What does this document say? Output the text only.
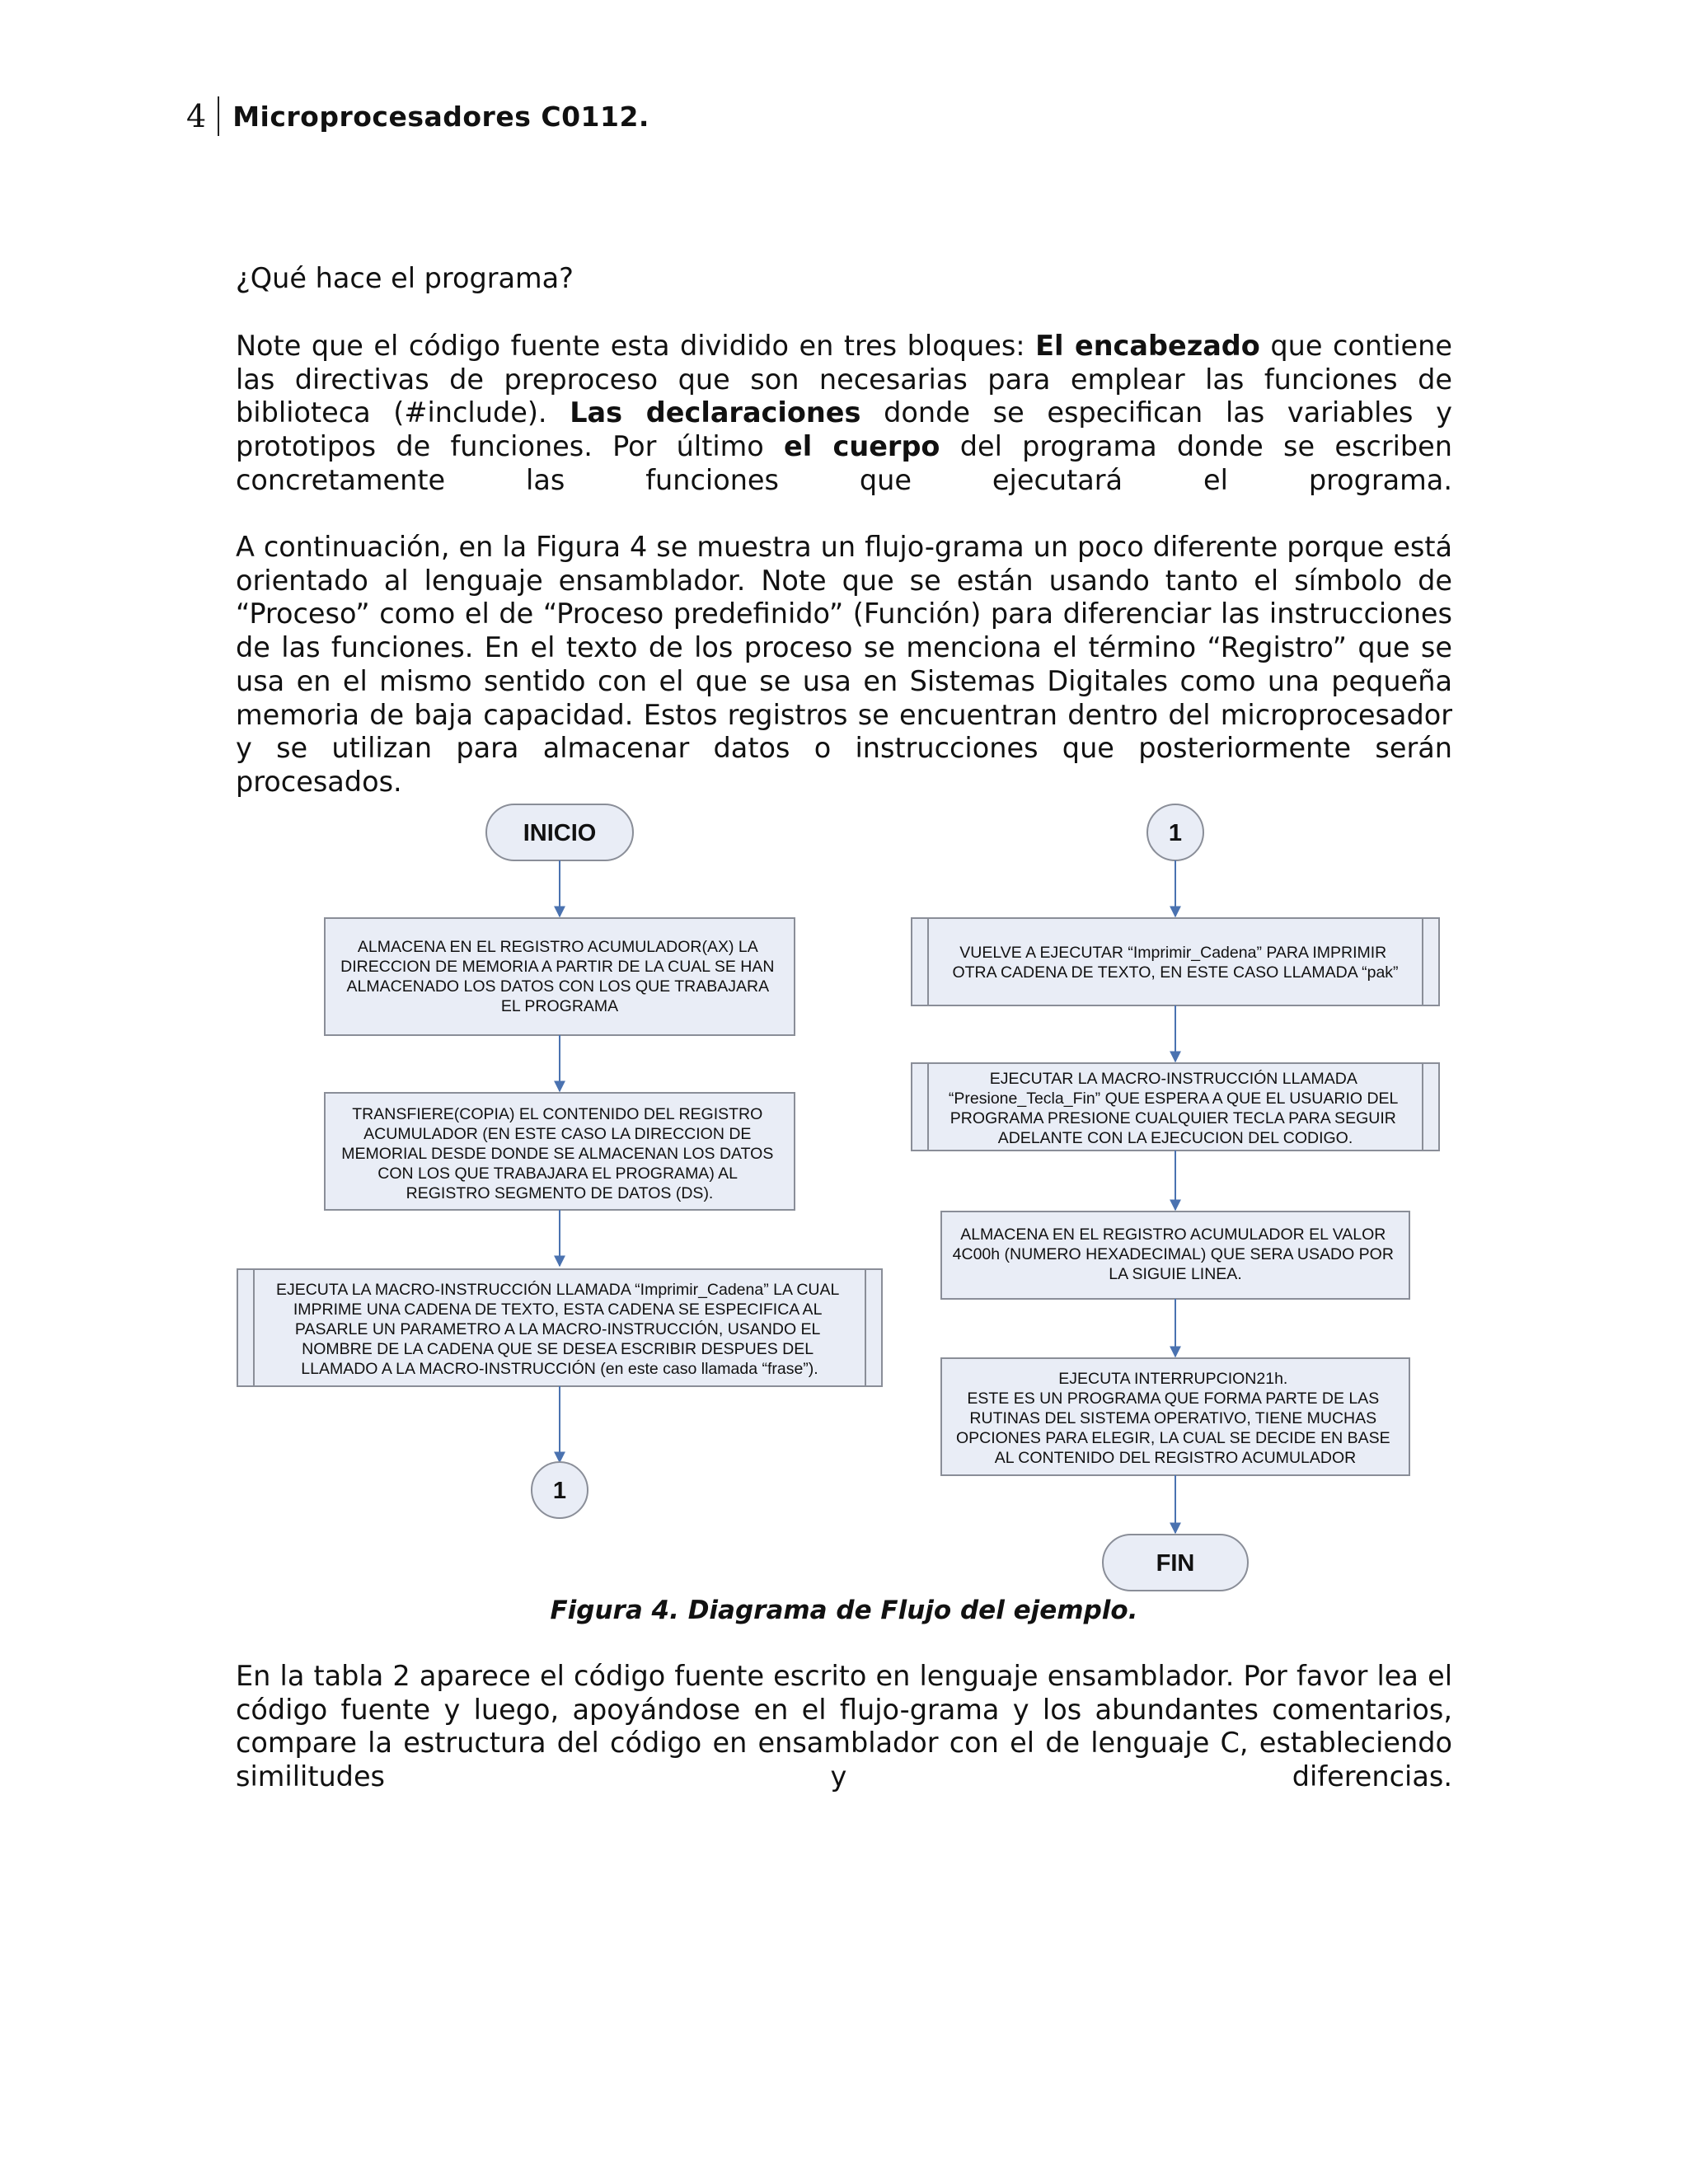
4 Microprocesadores C0112.

¿Qué hace el programa?

Note que el código fuente esta dividido en tres bloques: El encabezado que contiene las directivas de preproceso que son necesarias para emplear las funciones de biblioteca (#include). Las declaraciones donde se especifican las variables y prototipos de funciones. Por último el cuerpo del programa donde se escriben concretamente las funciones que ejecutará el programa.

A continuación, en la Figura 4 se muestra un flujo-grama un poco diferente porque está orientado al lenguaje ensamblador. Note que se están usando tanto el símbolo de “Proceso” como el de “Proceso predefinido” (Función) para diferenciar las instrucciones de las funciones. En el texto de los proceso se menciona el término “Registro” que se usa en el mismo sentido con el que se usa en Sistemas Digitales como una pequeña memoria de baja capacidad. Estos registros se encuentran dentro del microprocesador y se utilizan para almacenar datos o instrucciones que posteriormente serán procesados.

INICIO
ALMACENA EN EL REGISTRO ACUMULADOR(AX) LA DIRECCION DE MEMORIA A PARTIR DE LA CUAL SE HAN ALMACENADO LOS DATOS CON LOS QUE TRABAJARA EL PROGRAMA
TRANSFIERE(COPIA) EL CONTENIDO DEL REGISTRO ACUMULADOR (EN ESTE CASO LA DIRECCION DE MEMORIAL DESDE DONDE SE ALMACENAN LOS DATOS CON LOS QUE TRABAJARA EL PROGRAMA) AL REGISTRO SEGMENTO DE DATOS (DS).
EJECUTA LA MACRO-INSTRUCCIÓN LLAMADA “Imprimir_Cadena” LA CUAL IMPRIME UNA CADENA DE TEXTO, ESTA CADENA SE ESPECIFICA AL PASARLE UN PARAMETRO A LA MACRO-INSTRUCCIÓN, USANDO EL NOMBRE DE LA CADENA QUE SE DESEA ESCRIBIR DESPUES DEL LLAMADO A LA MACRO-INSTRUCCIÓN (en este caso llamada “frase”).
1
1
VUELVE A EJECUTAR “Imprimir_Cadena” PARA IMPRIMIR OTRA CADENA DE TEXTO, EN ESTE CASO LLAMADA “pak”
EJECUTAR LA MACRO-INSTRUCCIÓN LLAMADA “Presione_Tecla_Fin” QUE ESPERA A QUE EL USUARIO DEL PROGRAMA PRESIONE CUALQUIER TECLA PARA SEGUIR ADELANTE CON LA EJECUCION DEL CODIGO.
ALMACENA EN EL REGISTRO ACUMULADOR EL VALOR 4C00h (NUMERO HEXADECIMAL) QUE SERA USADO POR LA SIGUIE LINEA.
EJECUTA INTERRUPCION21h. ESTE ES UN PROGRAMA QUE FORMA PARTE DE LAS RUTINAS DEL SISTEMA OPERATIVO, TIENE MUCHAS OPCIONES PARA ELEGIR, LA CUAL SE DECIDE EN BASE AL CONTENIDO DEL REGISTRO ACUMULADOR
FIN
Figura 4. Diagrama de Flujo del ejemplo.

En la tabla 2 aparece el código fuente escrito en lenguaje ensamblador. Por favor lea el código fuente y luego, apoyándose en el flujo-grama y los abundantes comentarios, compare la estructura del código en ensamblador con el de lenguaje C, estableciendo similitudes y diferencias.
